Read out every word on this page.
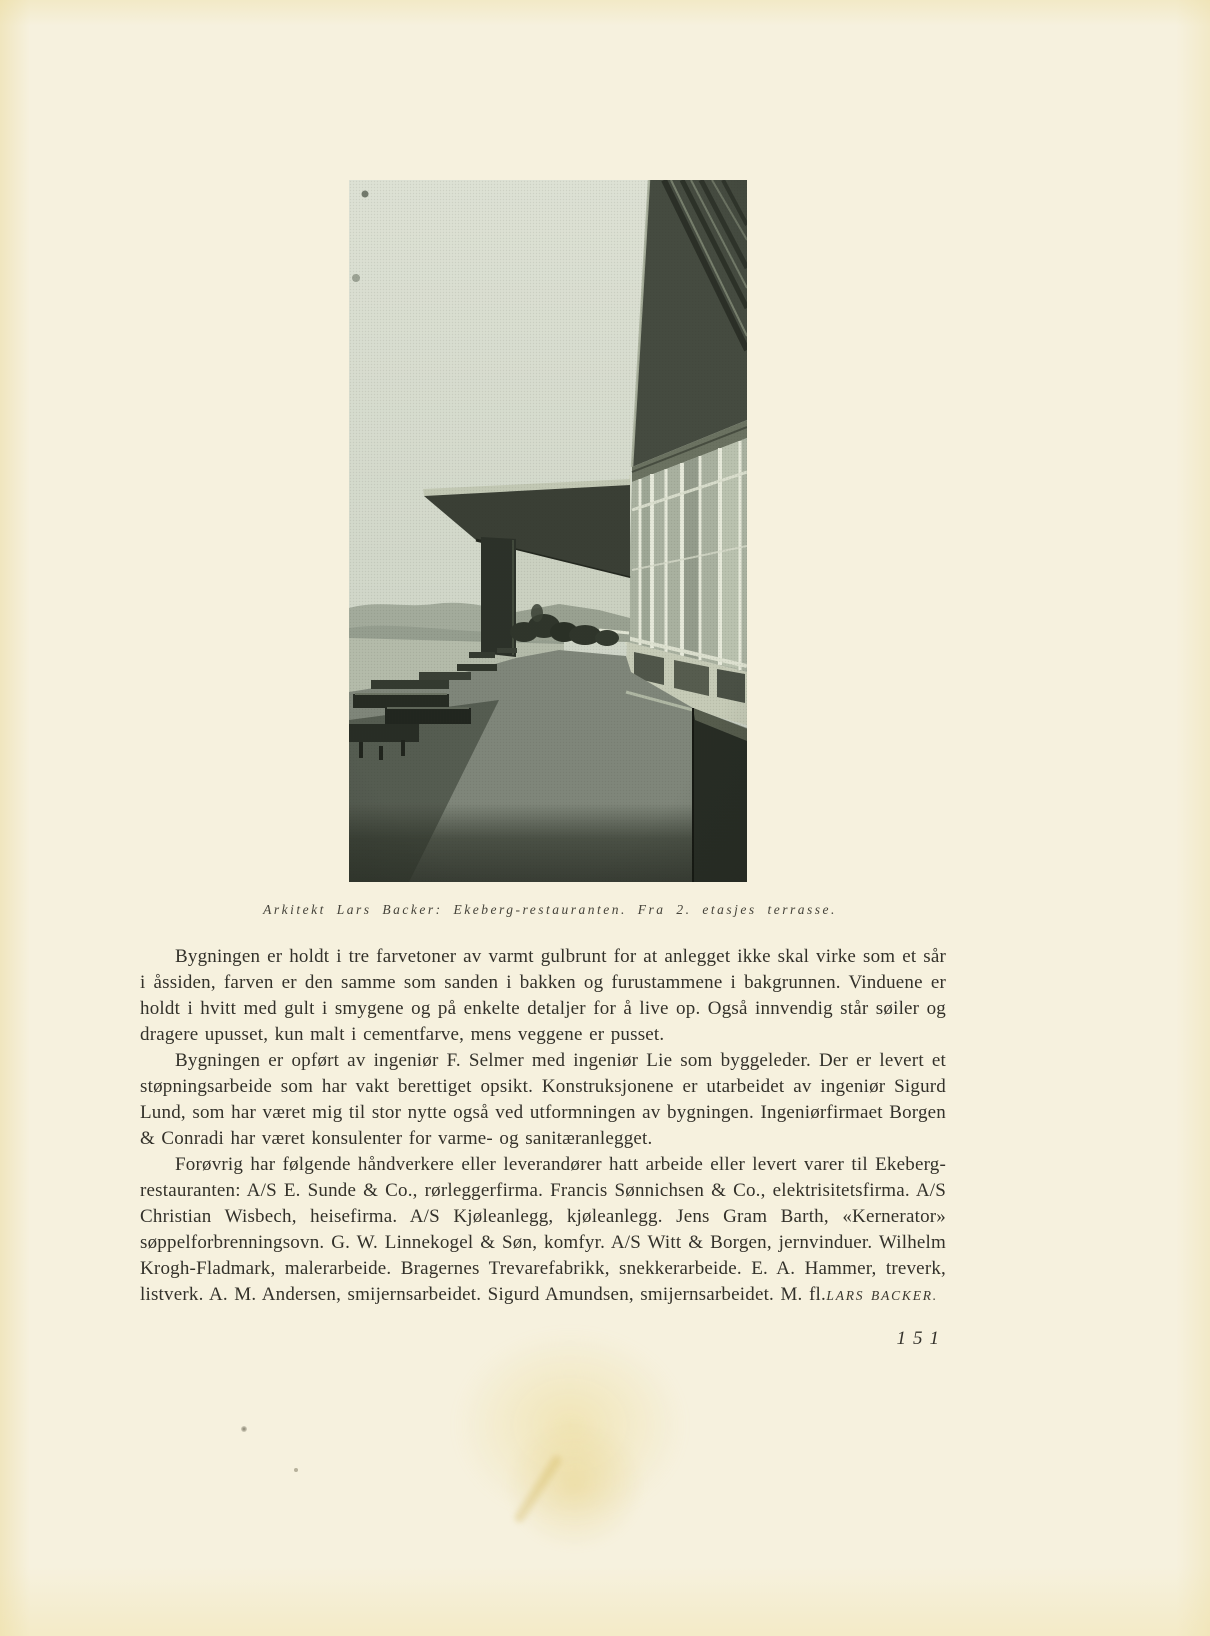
Arkitekt Lars Backer: Ekeberg-restauranten. Fra 2. etasjes terrasse.

Bygningen er holdt i tre farvetoner av varmt gulbrunt for at anlegget ikke skal virke som et sår i åssiden, farven er den samme som sanden i bakken og furustammene i bakgrunnen. Vinduene er holdt i hvitt med gult i smygene og på enkelte detaljer for å live op. Også innvendig står søiler og dragere upusset, kun malt i cementfarve, mens veggene er pusset.

Bygningen er opført av ingeniør F. Selmer med ingeniør Lie som byggeleder. Der er levert et støpningsarbeide som har vakt berettiget opsikt. Konstruksjonene er utarbeidet av ingeniør Sigurd Lund, som har været mig til stor nytte også ved utformningen av bygningen. Ingeniørfirmaet Borgen & Conradi har været konsulenter for varme- og sanitæranlegget.

Forøvrig har følgende håndverkere eller leverandører hatt arbeide eller levert varer til Ekeberg-restauranten: A/S E. Sunde & Co., rørleggerfirma. Francis Sønnichsen & Co., elektrisitetsfirma. A/S Christian Wisbech, heisefirma. A/S Kjøleanlegg, kjøleanlegg. Jens Gram Barth, «Kernerator» søppelforbrenningsovn. G. W. Linnekogel & Søn, komfyr. A/S Witt & Borgen, jernvinduer. Wilhelm Krogh-Fladmark, malerarbeide. Bragernes Trevarefabrikk, snekkerarbeide. E. A. Hammer, treverk, listverk. A. M. Andersen, smijernsarbeidet. Sigurd Amundsen, smijernsarbeidet. M. fl. LARS BACKER.
151
